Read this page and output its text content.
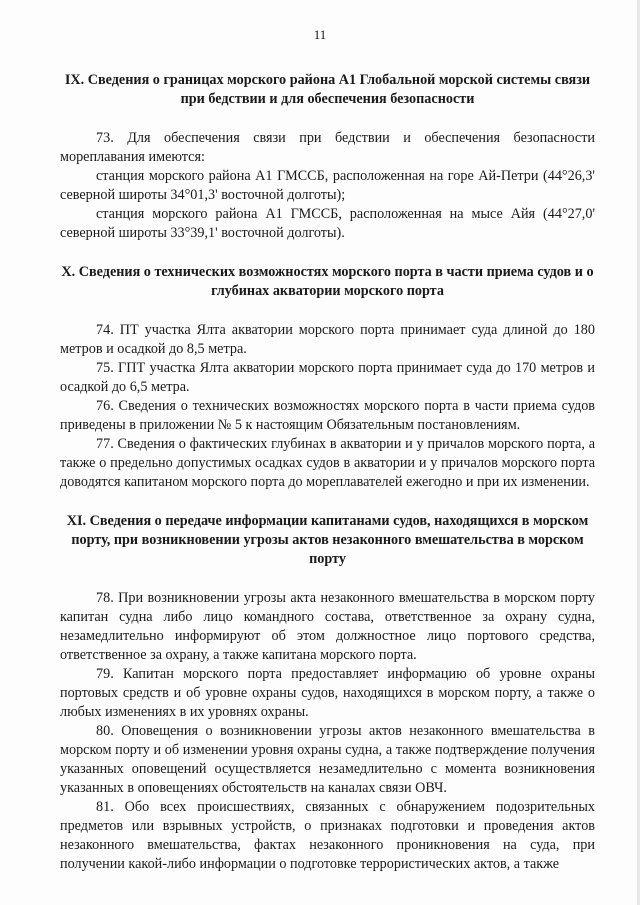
11
IX. Сведения о границах морского района А1 Глобальной морской системы связи при бедствии и для обеспечения безопасности

73. Для обеспечения связи при бедствии и обеспечения безопасности мореплавания имеются:

станция морского района А1 ГМССБ, расположенная на горе Ай-Петри (44°26,3' северной широты 34°01,3' восточной долготы);

станция морского района А1 ГМССБ, расположенная на мысе Айя (44°27,0' северной широты 33°39,1' восточной долготы).

X. Сведения о технических возможностях морского порта в части приема судов и о глубинах акватории морского порта

74. ПТ участка Ялта акватории морского порта принимает суда длиной до 180 метров и осадкой до 8,5 метра.

75. ГПТ участка Ялта акватории морского порта принимает суда до 170 метров и осадкой до 6,5 метра.

76. Сведения о технических возможностях морского порта в части приема судов приведены в приложении № 5 к настоящим Обязательным постановлениям.

77. Сведения о фактических глубинах в акватории и у причалов морского порта, а также о предельно допустимых осадках судов в акватории и у причалов морского порта доводятся капитаном морского порта до мореплавателей ежегодно и при их изменении.

XI. Сведения о передаче информации капитанами судов, находящихся в морском порту, при возникновении угрозы актов незаконного вмешательства в морском порту

78. При возникновении угрозы акта незаконного вмешательства в морском порту капитан судна либо лицо командного состава, ответственное за охрану судна, незамедлительно информируют об этом должностное лицо портового средства, ответственное за охрану, а также капитана морского порта.

79. Капитан морского порта предоставляет информацию об уровне охраны портовых средств и об уровне охраны судов, находящихся в морском порту, а также о любых изменениях в их уровнях охраны.

80. Оповещения о возникновении угрозы актов незаконного вмешательства в морском порту и об изменении уровня охраны судна, а также подтверждение получения указанных оповещений осуществляется незамедлительно с момента возникновения указанных в оповещениях обстоятельств на каналах связи ОВЧ.

81. Обо всех происшествиях, связанных с обнаружением подозрительных предметов или взрывных устройств, о признаках подготовки и проведения актов незаконного вмешательства, фактах незаконного проникновения на суда, при получении какой-либо информации о подготовке террористических актов, а также
